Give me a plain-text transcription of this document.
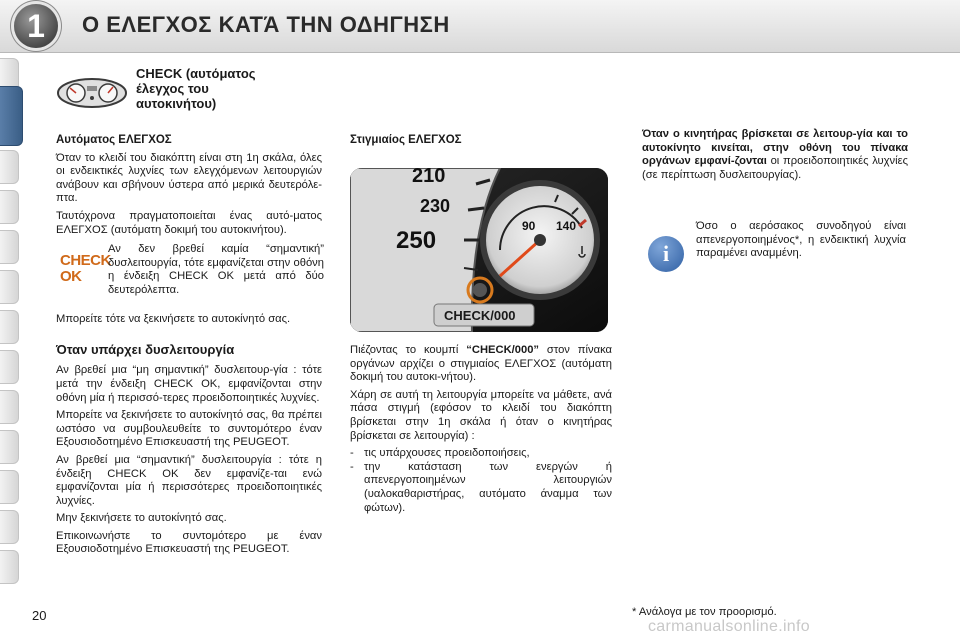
1	Ο ΕΛΕΓΧΟΣ ΚΑΤΆ ΤΗΝ ΟΔΗΓΗΣΗ
CHECK (αυτόματος
έλεγχος του
αυτοκινήτου)

Αυτόματος ΕΛΕΓΧΟΣ

Όταν το κλειδί του διακόπτη είναι στη 1η σκάλα, όλες οι ενδεικτικές λυχνίες των ελεγχόμενων λειτουργιών ανάβουν και σβήνουν ύστερα από μερικά δευτερόλε-πτα.

Ταυτόχρονα πραγματοποιείται ένας αυτό-ματος ΕΛΕΓΧΟΣ (αυτόματη δοκιμή του αυτοκινήτου).

CHECK
OK
Αν δεν βρεθεί καμία “σημαντική” δυσλειτουργία, τότε εμφανίζεται στην οθόνη η ένδειξη CHECK OK μετά από δύο δευτερόλεπτα.

Μπορείτε τότε να ξεκινήσετε το αυτοκίνητό σας.

Όταν υπάρχει δυσλειτουργία

Αν βρεθεί μια “μη σημαντική” δυσλειτουρ-γία : τότε μετά την ένδειξη CHECK OK, εμφανίζονται στην οθόνη μία ή περισσό-τερες προειδοποιητικές λυχνίες.

Μπορείτε να ξεκινήσετε το αυτοκίνητό σας, θα πρέπει ωστόσο να συμβουλευθείτε το συντομότερο έναν Εξουσιοδοτημένο Επισκευαστή της PEUGEOT.

Αν βρεθεί μια “σημαντική” δυσλειτουργία : τότε η ένδειξη CHECK OK δεν εμφανίζε-ται ενώ εμφανίζονται μία ή περισσότερες προειδοποιητικές λυχνίες.

Μην ξεκινήσετε το αυτοκίνητό σας.

Επικοινωνήστε το συντομότερο με έναν Εξουσιοδοτημένο Επισκευαστή της PEUGEOT.

Στιγμιαίος ΕΛΕΓΧΟΣ

210
230
250
90 140
CHECK/000

Πιέζοντας το κουμπί “CHECK/000” στον πίνακα οργάνων αρχίζει ο στιγμιαίος ΕΛΕΓΧΟΣ (αυτόματη δοκιμή του αυτοκι-νήτου).

Χάρη σε αυτή τη λειτουργία μπορείτε να μάθετε, ανά πάσα στιγμή (εφόσον το κλειδί του διακόπτη βρίσκεται στην 1η σκάλα ή όταν ο κινητήρας βρίσκεται σε λειτουργία) :

- τις υπάρχουσες προειδοποιήσεις,
- την κατάσταση των ενεργών ή απενεργοποιημένων λειτουργιών (υαλοκαθαριστήρας, αυτόματο άναμμα των φώτων).

Όταν ο κινητήρας βρίσκεται σε λειτουρ-γία και το αυτοκίνητο κινείται, στην οθόνη του πίνακα οργάνων εμφανί-ζονται οι προειδοποιητικές λυχνίες (σε περίπτωση δυσλειτουργίας).

i

Όσο ο αερόσακος συνοδηγού είναι απενεργοποιημένος*, η ενδεικτική λυχνία παραμένει αναμμένη.

20	* Ανάλογα με τον προορισμό.
carmanualsonline.info
